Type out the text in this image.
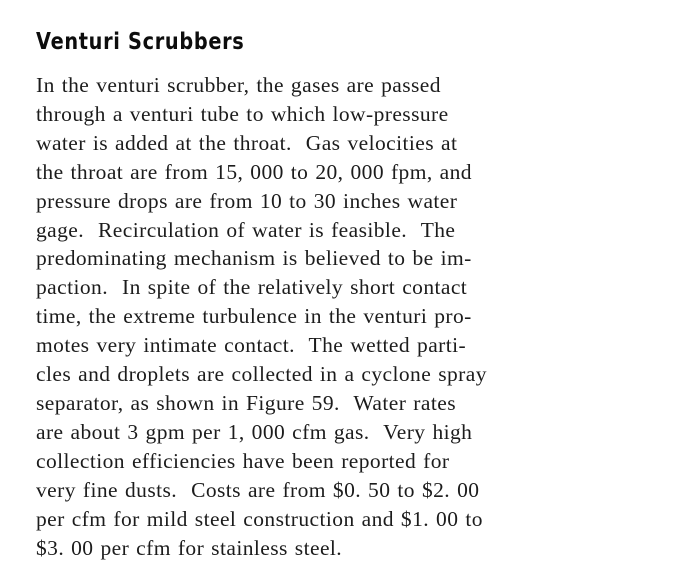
Venturi Scrubbers
In the venturi scrubber, the gases are passed
through a venturi tube to which low-pressure
water is added at the throat.  Gas velocities at
the throat are from 15, 000 to 20, 000 fpm, and
pressure drops are from 10 to 30 inches water
gage.  Recirculation of water is feasible.  The
predominating mechanism is believed to be im-
paction.  In spite of the relatively short contact
time, the extreme turbulence in the venturi pro-
motes very intimate contact.  The wetted parti-
cles and droplets are collected in a cyclone spray
separator, as shown in Figure 59.  Water rates
are about 3 gpm per 1, 000 cfm gas.  Very high
collection efficiencies have been reported for
very fine dusts.  Costs are from $0. 50 to $2. 00
per cfm for mild steel construction and $1. 00 to
$3. 00 per cfm for stainless steel.
